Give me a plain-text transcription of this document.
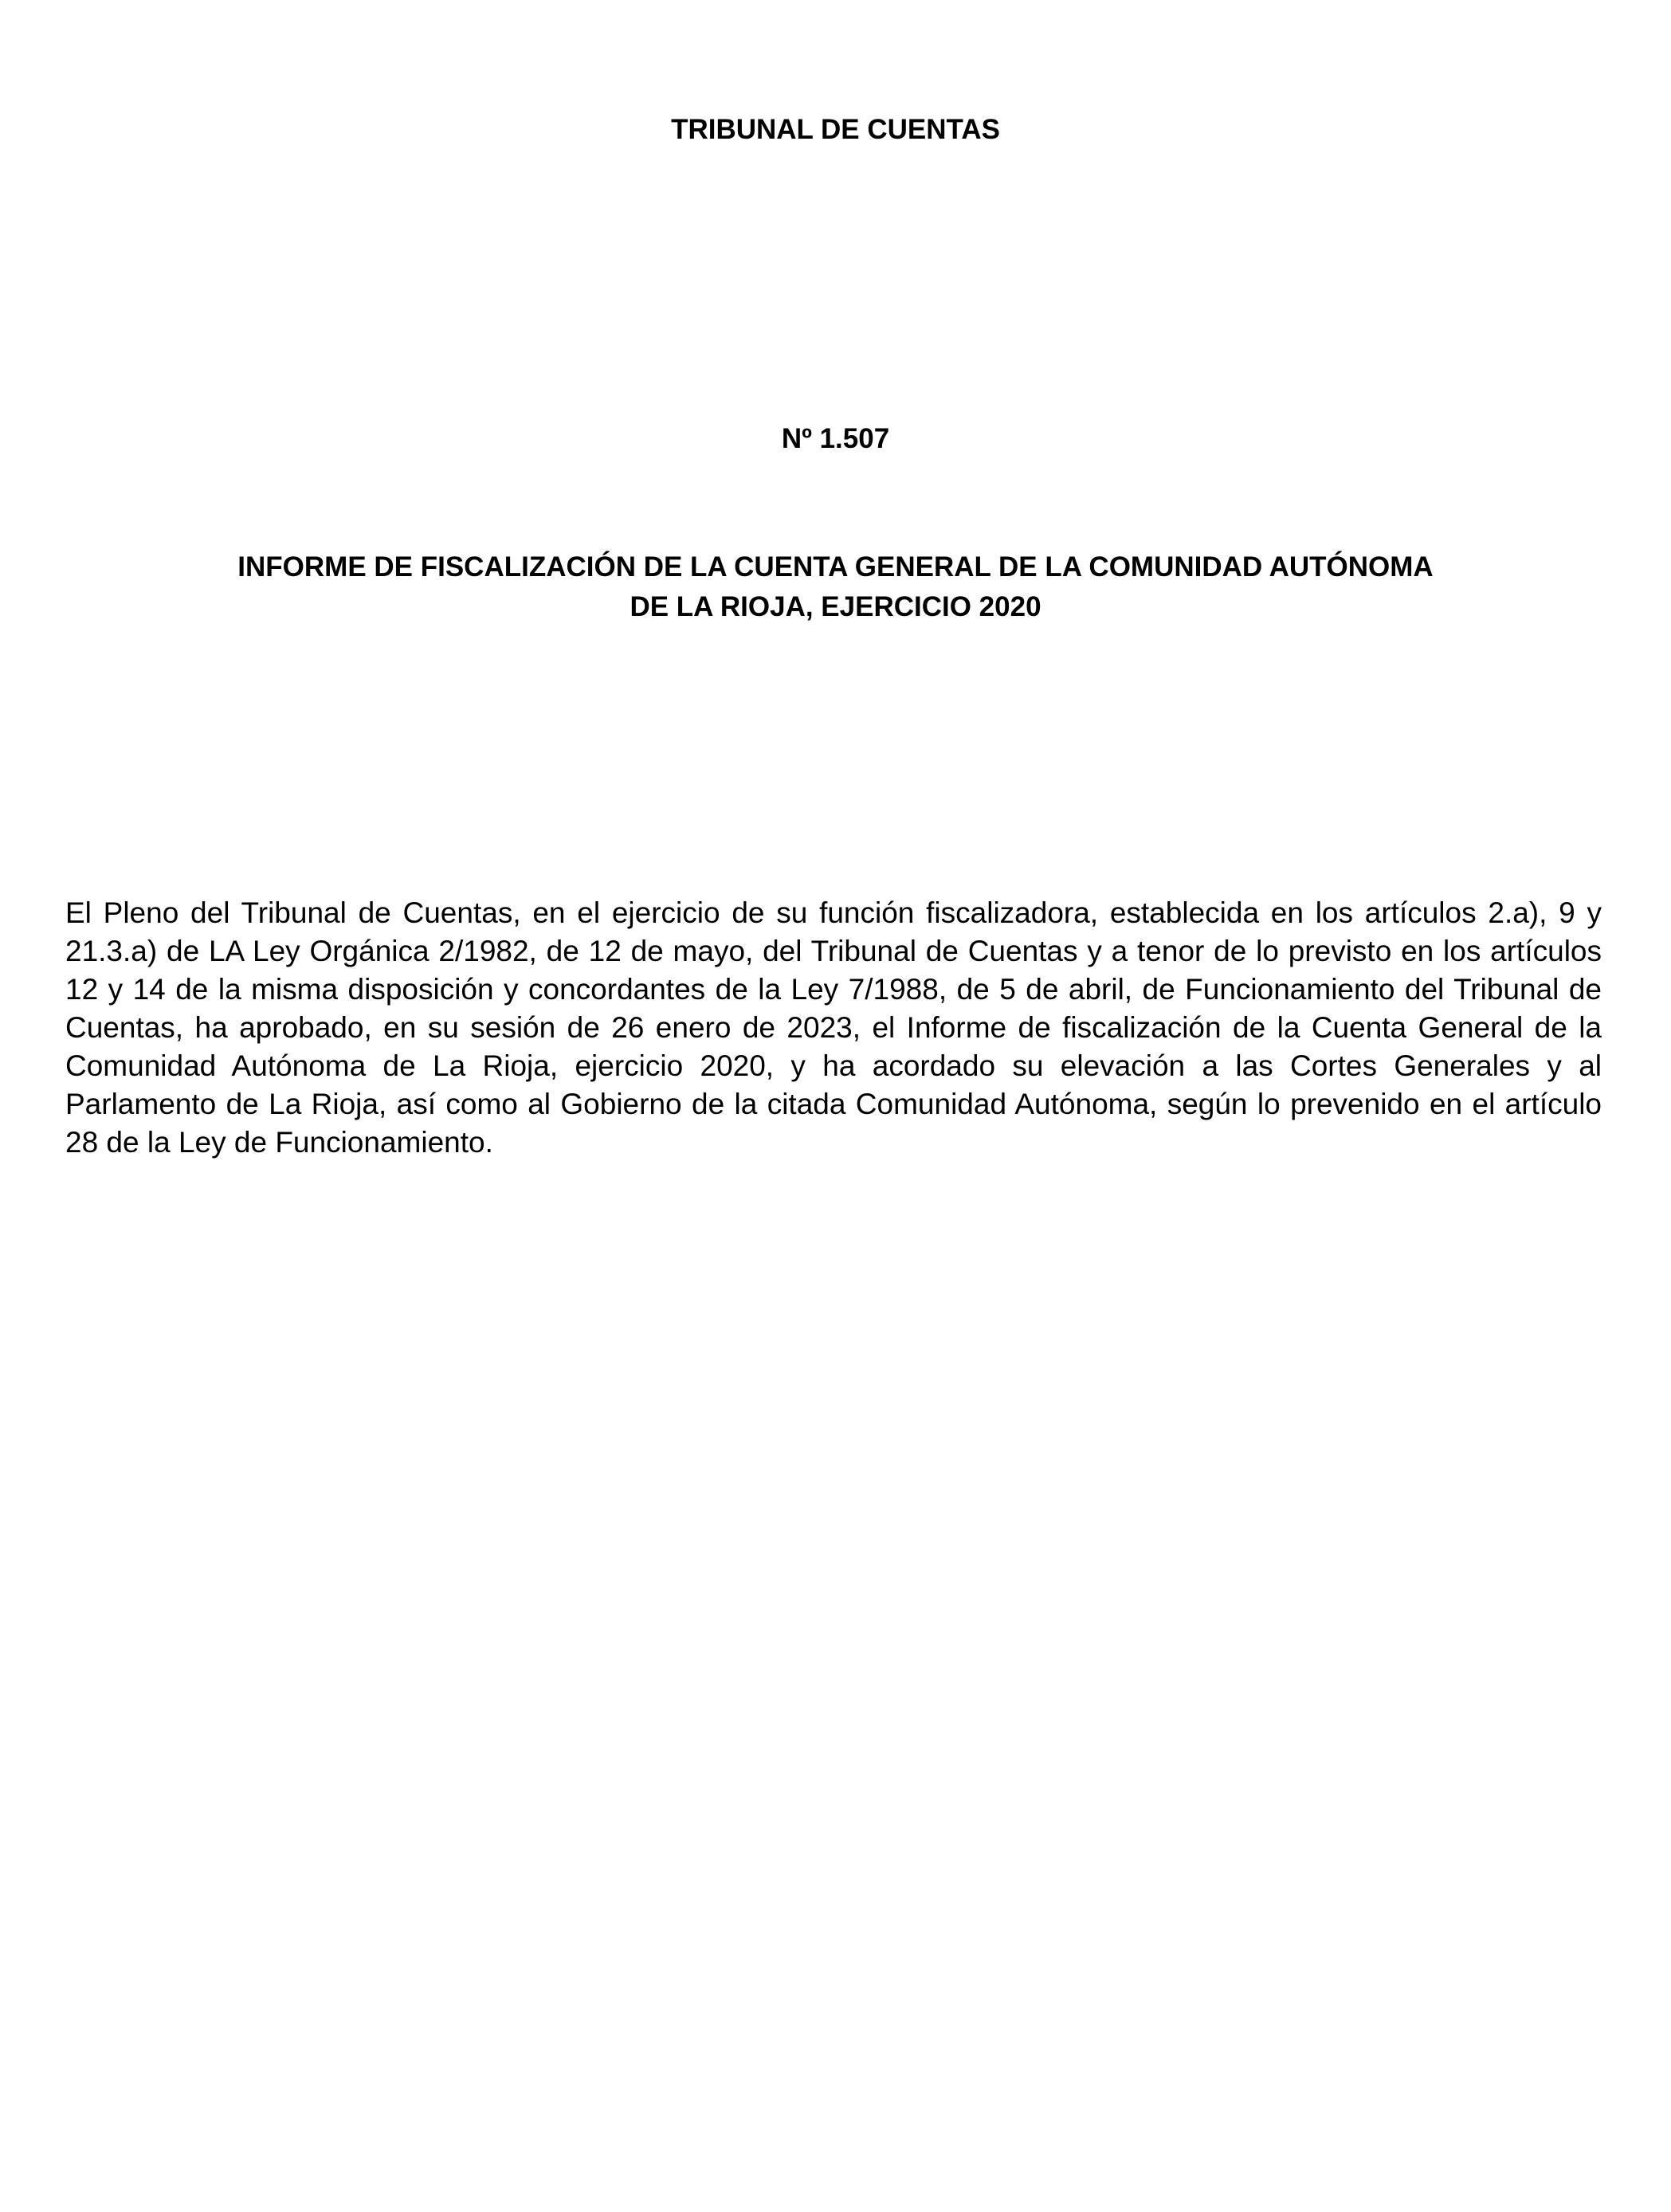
TRIBUNAL DE CUENTAS
Nº 1.507
INFORME DE FISCALIZACIÓN DE LA CUENTA GENERAL DE LA COMUNIDAD AUTÓNOMA
DE LA RIOJA, EJERCICIO 2020

El Pleno del Tribunal de Cuentas, en el ejercicio de su función fiscalizadora, establecida en los artículos 2.a), 9 y 21.3.a) de LA Ley Orgánica 2/1982, de 12 de mayo, del Tribunal de Cuentas y a tenor de lo previsto en los artículos 12 y 14 de la misma disposición y concordantes de la Ley 7/1988, de 5 de abril, de Funcionamiento del Tribunal de Cuentas, ha aprobado, en su sesión de 26 enero de 2023, el Informe de fiscalización de la Cuenta General de la Comunidad Autónoma de La Rioja, ejercicio 2020, y ha acordado su elevación a las Cortes Generales y al Parlamento de La Rioja, así como al Gobierno de la citada Comunidad Autónoma, según lo prevenido en el artículo 28 de la Ley de Funcionamiento.
